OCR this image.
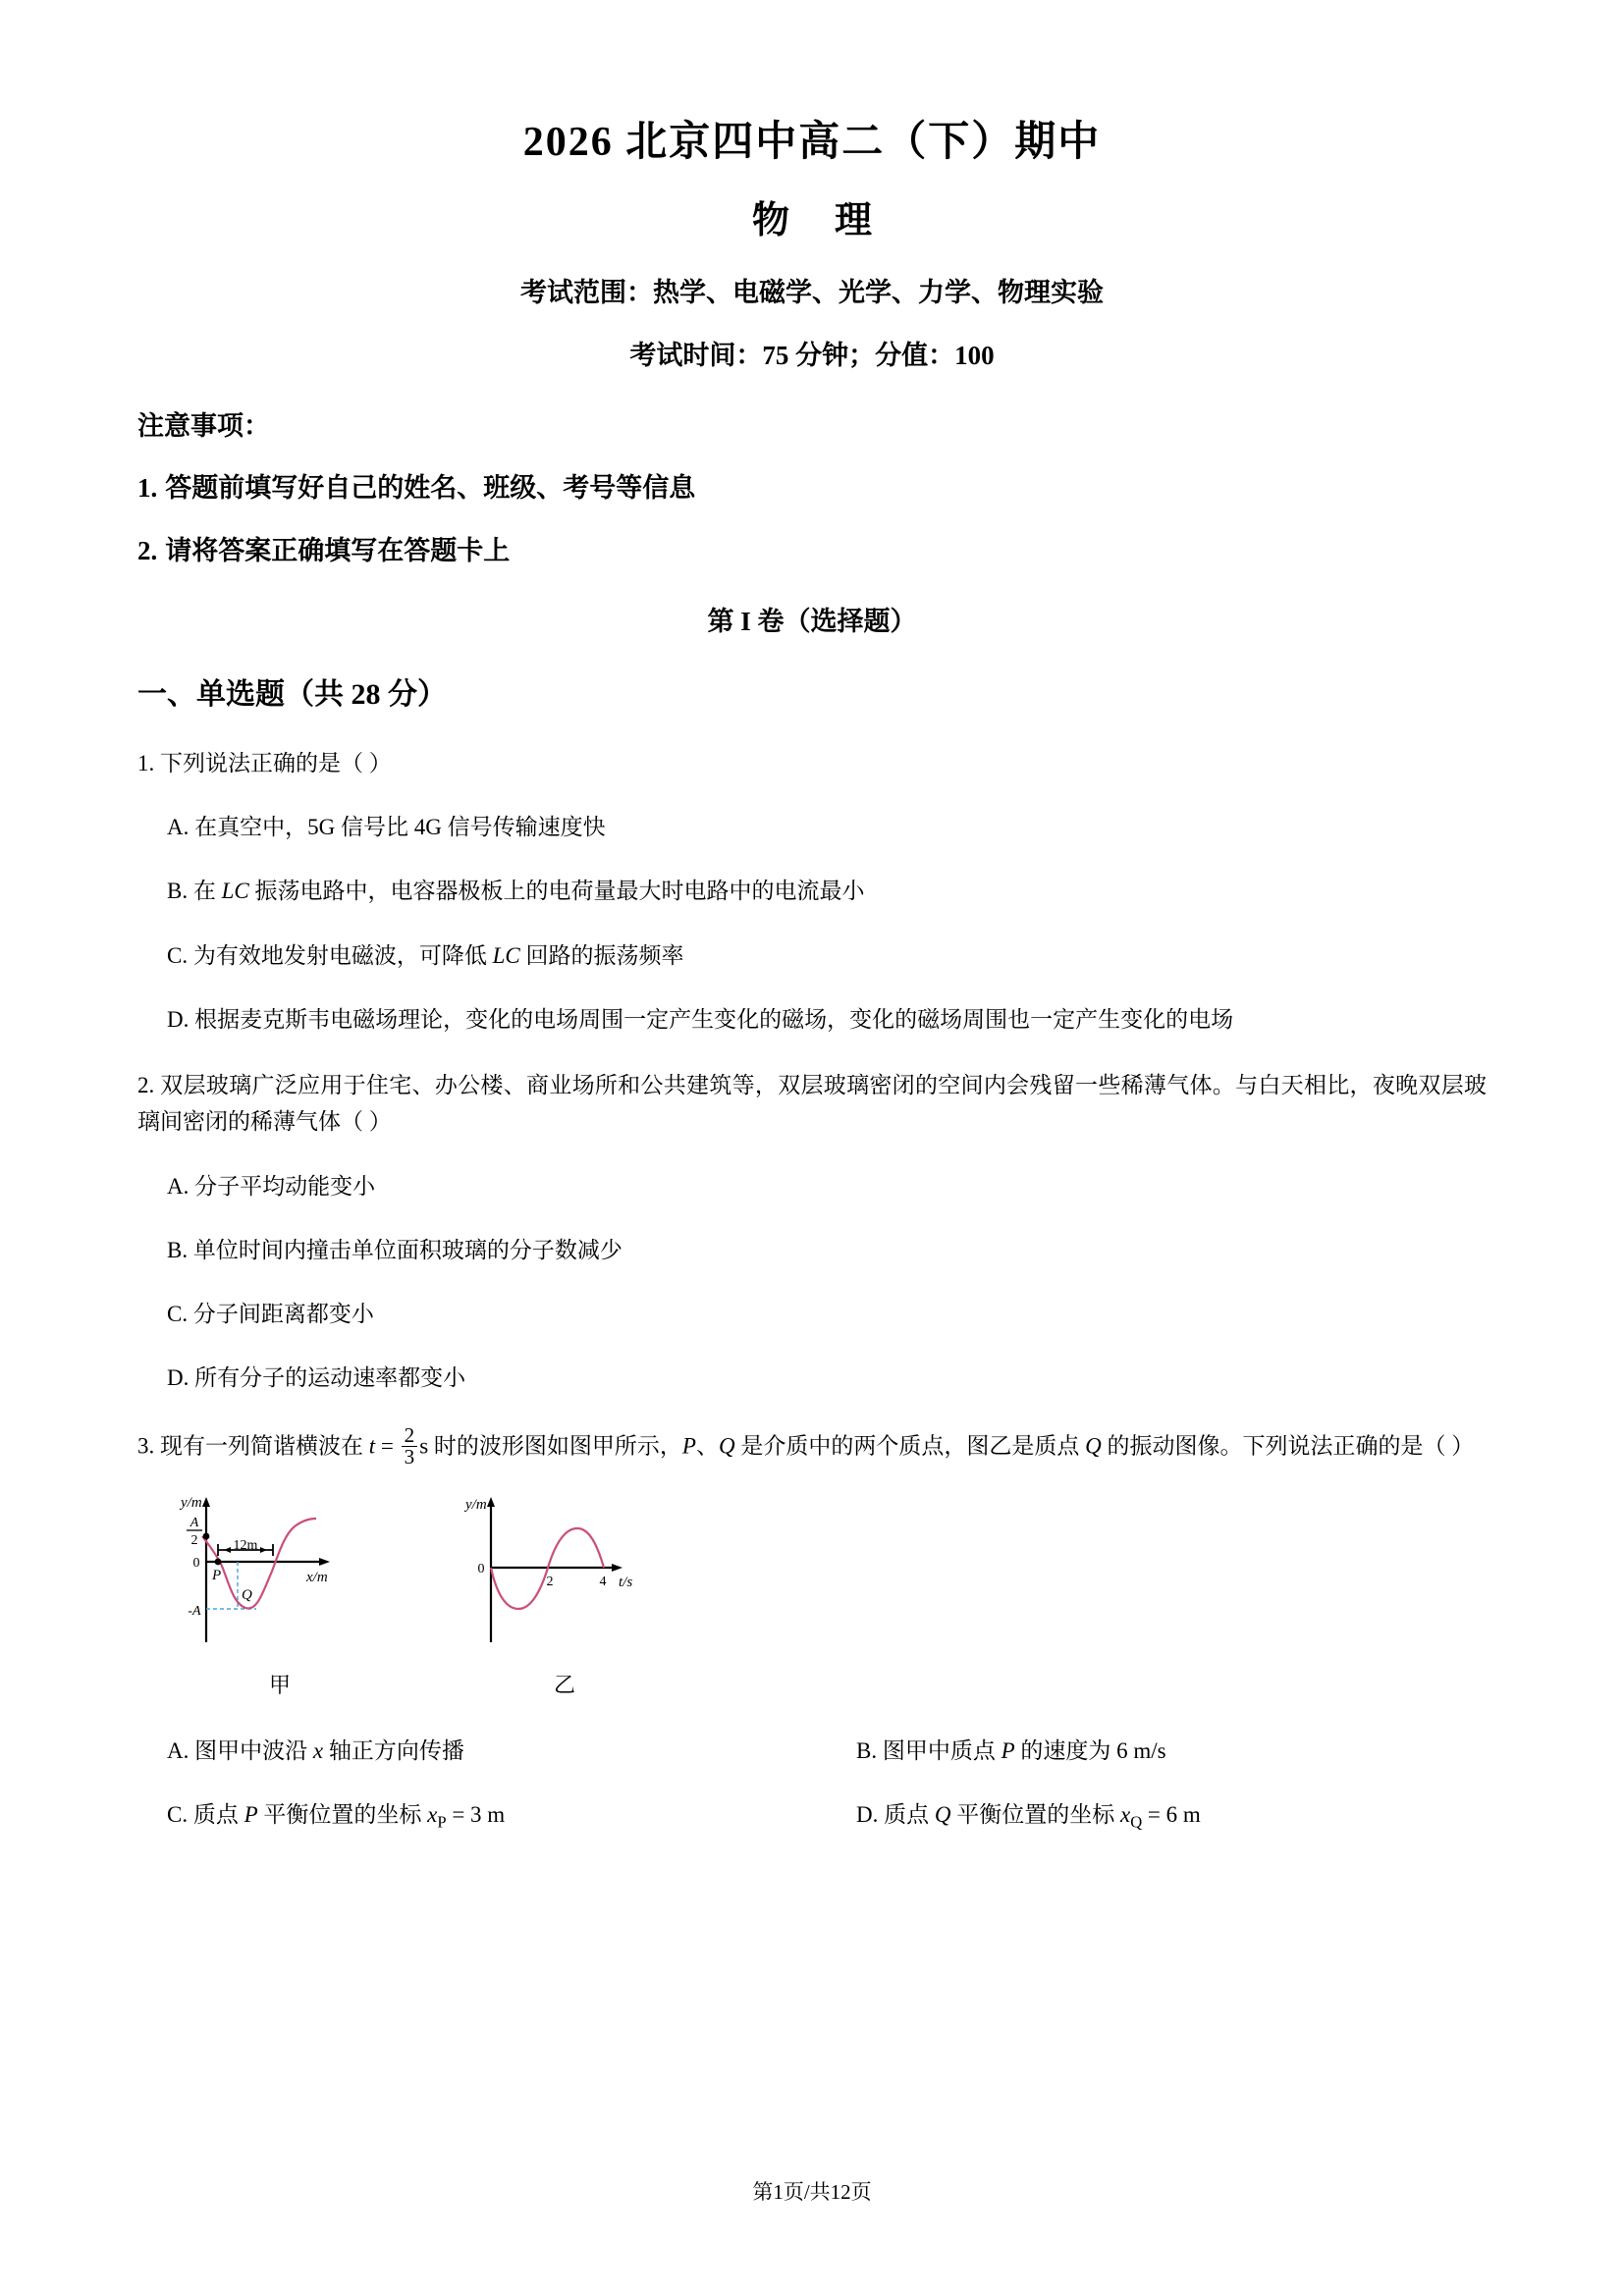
2026 北京四中高二（下）期中
物 理

考试范围：热学、电磁学、光学、力学、物理实验

考试时间：75 分钟；分值：100

注意事项：

1. 答题前填写好自己的姓名、班级、考号等信息

2. 请将答案正确填写在答题卡上

第 I 卷（选择题）

一、单选题（共 28 分）

1. 下列说法正确的是（ ）

A. 在真空中，5G 信号比 4G 信号传输速度快

B. 在 LC 振荡电路中，电容器极板上的电荷量最大时电路中的电流最小

C. 为有效地发射电磁波，可降低 LC 回路的振荡频率

D. 根据麦克斯韦电磁场理论，变化的电场周围一定产生变化的磁场，变化的磁场周围也一定产生变化的电场

2. 双层玻璃广泛应用于住宅、办公楼、商业场所和公共建筑等，双层玻璃密闭的空间内会残留一些稀薄气体。与白天相比，夜晚双层玻璃间密闭的稀薄气体（ ）

A. 分子平均动能变小

B. 单位时间内撞击单位面积玻璃的分子数减少

C. 分子间距离都变小

D. 所有分子的运动速率都变小

3. 现有一列简谐横波在 $t = \frac{2}{3}$ s 时的波形图如图甲所示，P、Q 是介质中的两个质点，图乙是质点 Q 的振动图像。下列说法正确的是（ ）

12m
y/m
x/m
A
2
0
-A
P
Q
甲
y/m
0
2	4 t/s
乙
A. 图甲中波沿 x 轴正方向传播	B. 图甲中质点 P 的速度为 6 m/s
C. 质点 P 平衡位置的坐标 $x_P = 3$ m	D. 质点 Q 平衡位置的坐标 $x_Q = 6$ m
第1页/共12页
